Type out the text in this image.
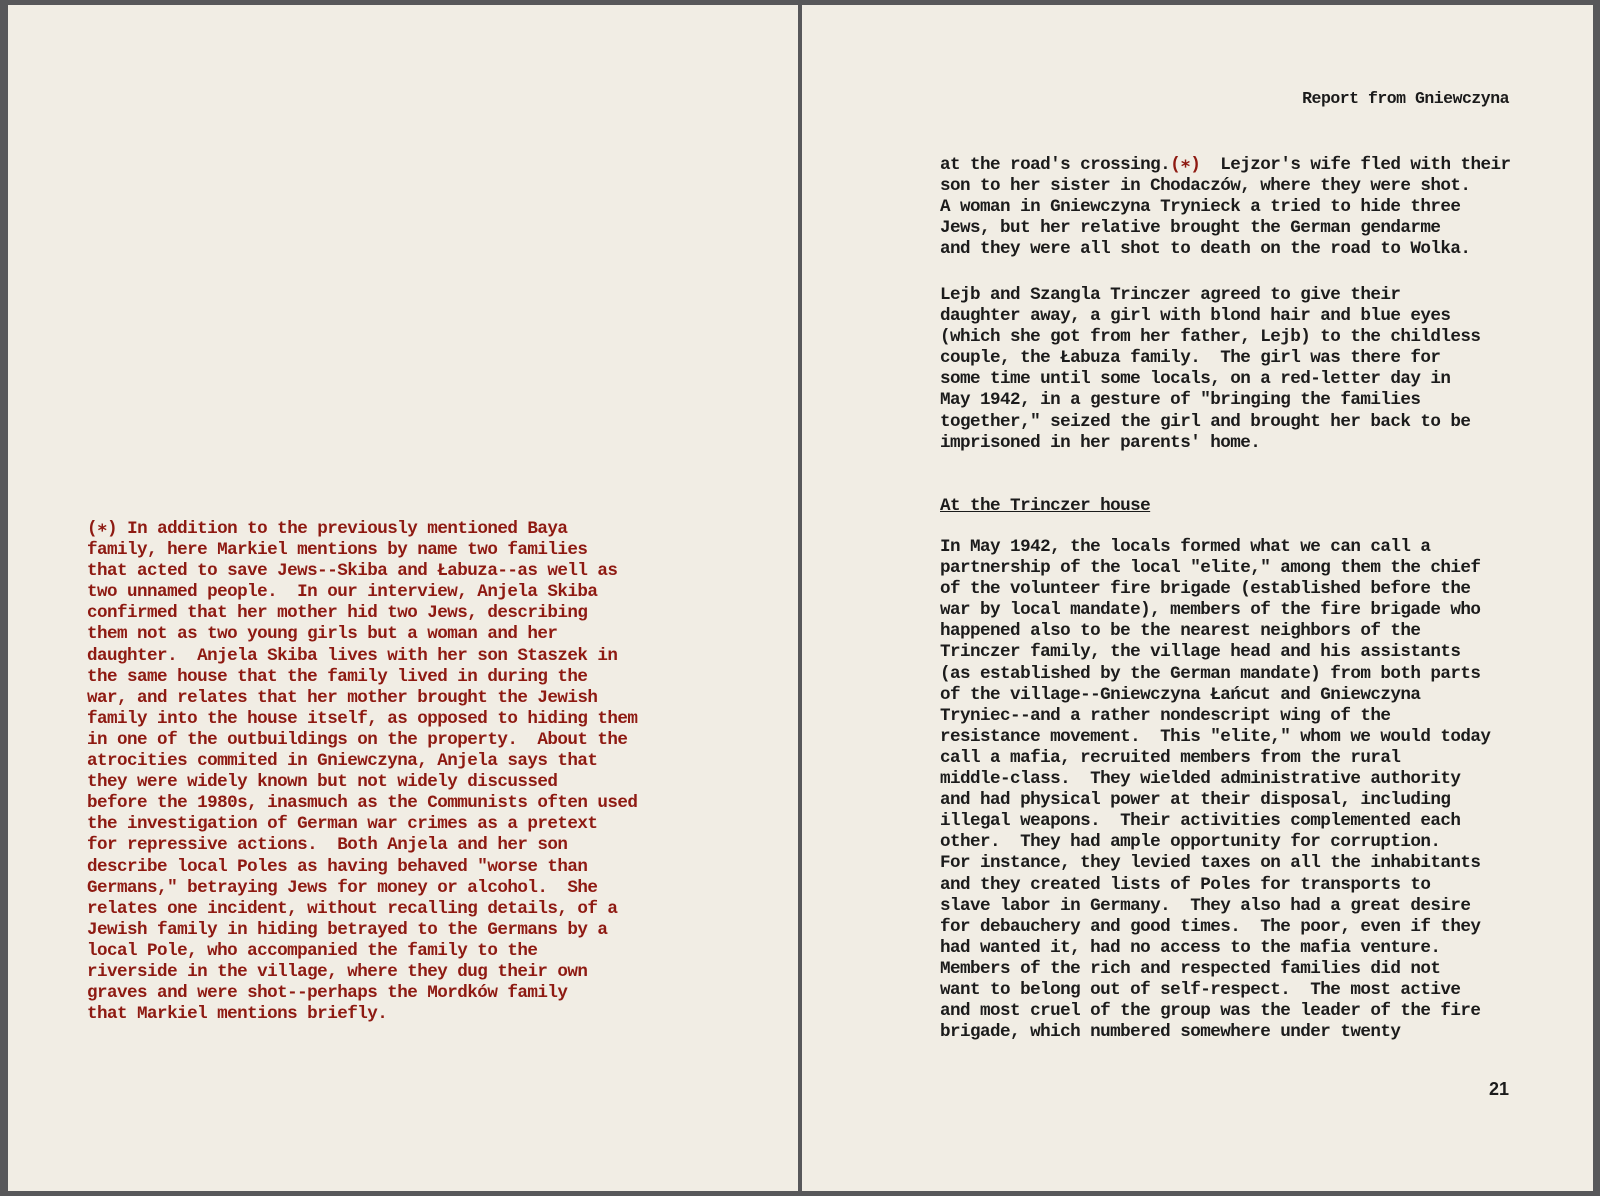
(∗) In addition to the previously mentioned Baya
family, here Markiel mentions by name two families
that acted to save Jews--Skiba and Łabuza--as well as
two unnamed people.  In our interview, Anjela Skiba
confirmed that her mother hid two Jews, describing
them not as two young girls but a woman and her
daughter.  Anjela Skiba lives with her son Staszek in
the same house that the family lived in during the
war, and relates that her mother brought the Jewish
family into the house itself, as opposed to hiding them
in one of the outbuildings on the property.  About the
atrocities commited in Gniewczyna, Anjela says that
they were widely known but not widely discussed
before the 1980s, inasmuch as the Communists often used
the investigation of German war crimes as a pretext
for repressive actions.  Both Anjela and her son
describe local Poles as having behaved "worse than
Germans," betraying Jews for money or alcohol.  She
relates one incident, without recalling details, of a
Jewish family in hiding betrayed to the Germans by a
local Pole, who accompanied the family to the
riverside in the village, where they dug their own
graves and were shot--perhaps the Mordków family
that Markiel mentions briefly.
Report from Gniewczyna
at the road's crossing.(∗)  Lejzor's wife fled with their
son to her sister in Chodaczów, where they were shot.
A woman in Gniewczyna Trynieck a tried to hide three
Jews, but her relative brought the German gendarme
and they were all shot to death on the road to Wolka.
Lejb and Szangla Trinczer agreed to give their
daughter away, a girl with blond hair and blue eyes
(which she got from her father, Lejb) to the childless
couple, the Łabuza family.  The girl was there for
some time until some locals, on a red-letter day in
May 1942, in a gesture of "bringing the families
together," seized the girl and brought her back to be
imprisoned in her parents' home.
At the Trinczer house
In May 1942, the locals formed what we can call a
partnership of the local "elite," among them the chief
of the volunteer fire brigade (established before the
war by local mandate), members of the fire brigade who
happened also to be the nearest neighbors of the
Trinczer family, the village head and his assistants
(as established by the German mandate) from both parts
of the village--Gniewczyna Łańcut and Gniewczyna
Tryniec--and a rather nondescript wing of the
resistance movement.  This "elite," whom we would today
call a mafia, recruited members from the rural
middle-class.  They wielded administrative authority
and had physical power at their disposal, including
illegal weapons.  Their activities complemented each
other.  They had ample opportunity for corruption.
For instance, they levied taxes on all the inhabitants
and they created lists of Poles for transports to
slave labor in Germany.  They also had a great desire
for debauchery and good times.  The poor, even if they
had wanted it, had no access to the mafia venture.
Members of the rich and respected families did not
want to belong out of self-respect.  The most active
and most cruel of the group was the leader of the fire
brigade, which numbered somewhere under twenty
21
